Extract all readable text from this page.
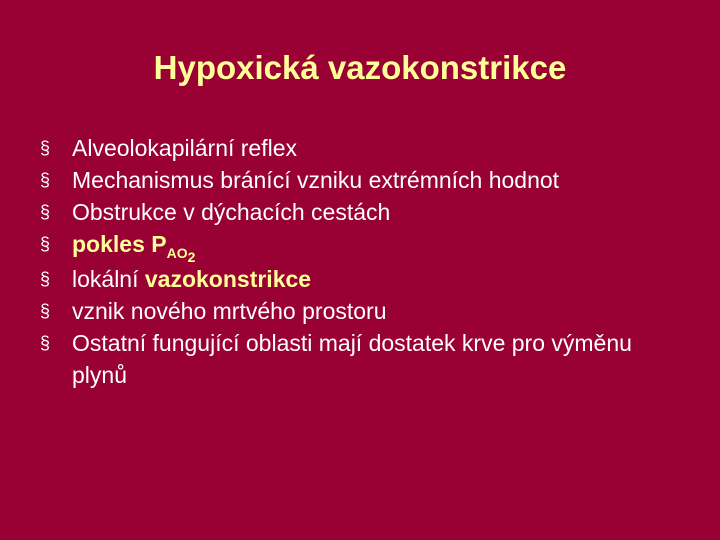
Hypoxická vazokonstrikce
§ Alveolokapilární reflex
§ Mechanismus bránící vzniku extrémních hodnot
§ Obstrukce v dýchacích cestách
§ pokles $P_{AO2}$
§ lokální vazokonstrikce
§ vznik nového mrtvého prostoru
§ Ostatní fungující oblasti mají dostatek krve pro výměnu plynů
